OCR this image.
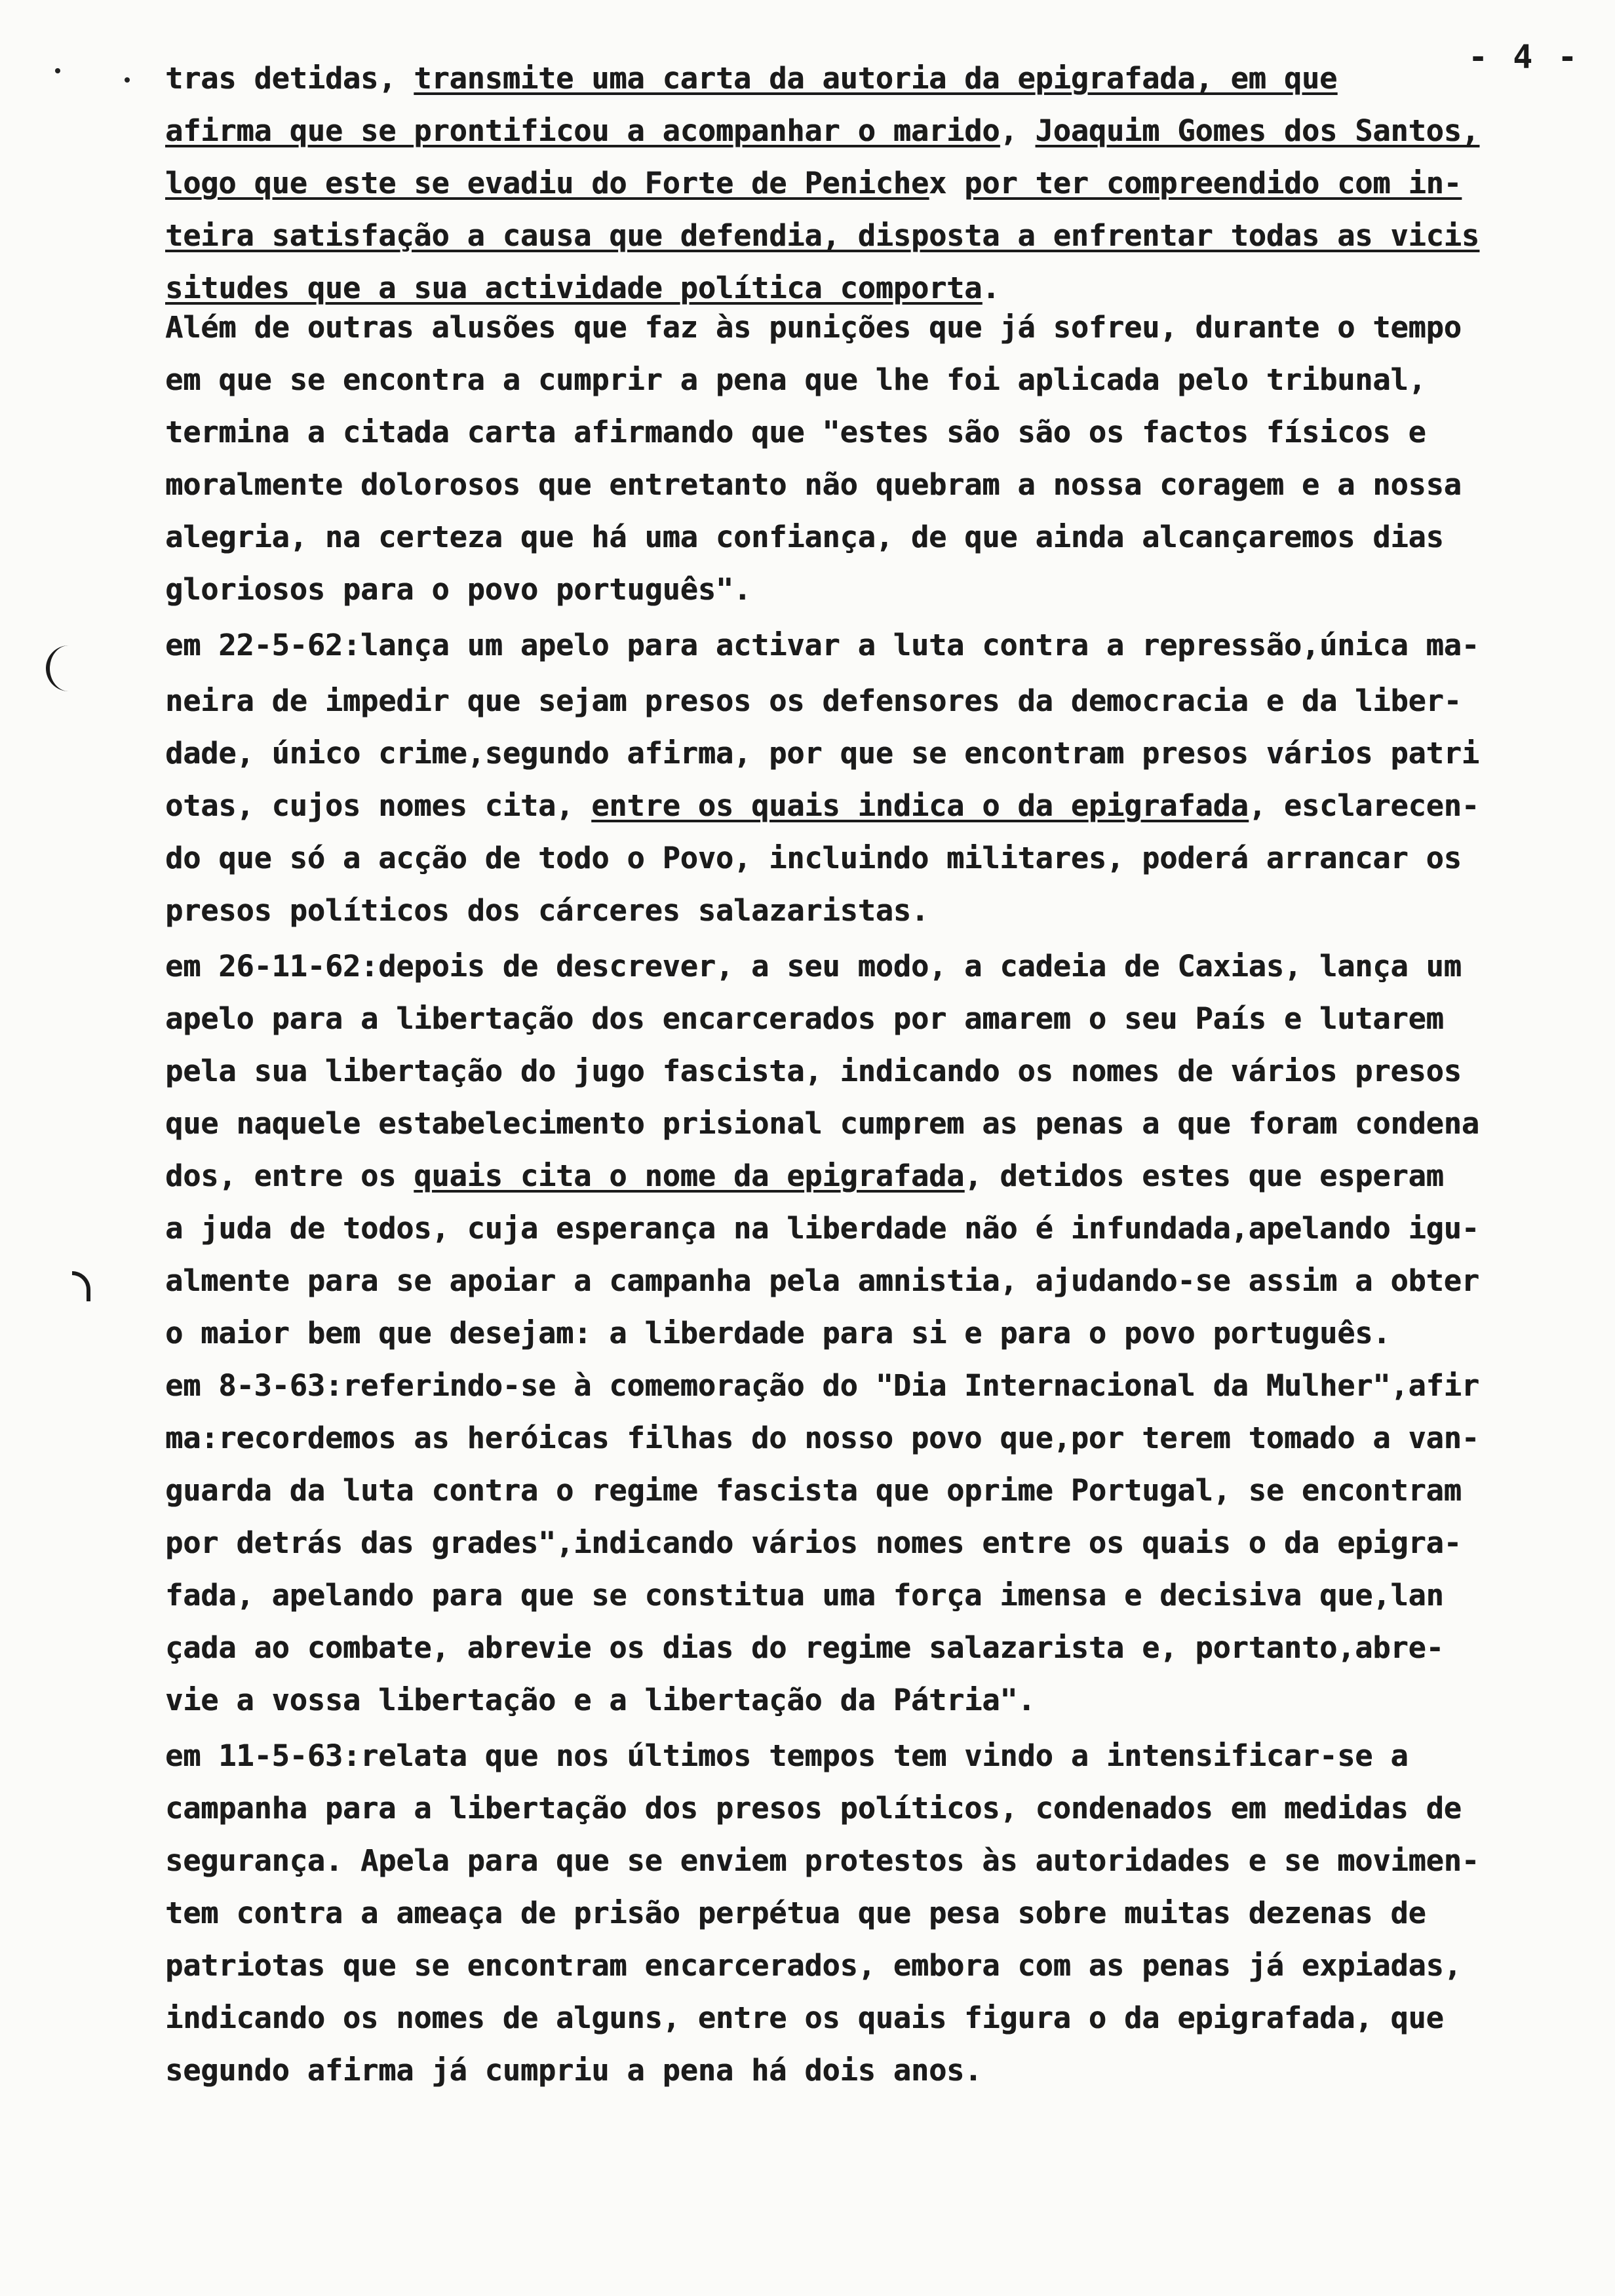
- 4 -
tras detidas, transmite uma carta da autoria da epigrafada, em que
afirma que se prontificou a acompanhar o marido, Joaquim Gomes dos Santos,
logo que este se evadiu do Forte de Penichex por ter compreendido com in-
teira satisfação a causa que defendia, disposta a enfrentar todas as vicis
situdes que a sua actividade política comporta.
Além de outras alusões que faz às punições que já sofreu, durante o tempo
em que se encontra a cumprir a pena que lhe foi aplicada pelo tribunal,
termina a citada carta afirmando que "estes são são os factos físicos e
moralmente dolorosos que entretanto não quebram a nossa coragem e a nossa
alegria, na certeza que há uma confiança, de que ainda alcançaremos dias
gloriosos para o povo português".
em 22-5-62:lança um apelo para activar a luta contra a repressão,única ma-
neira de impedir que sejam presos os defensores da democracia e da liber-
dade, único crime,segundo afirma, por que se encontram presos vários patri
otas, cujos nomes cita, entre os quais indica o da epigrafada, esclarecen-
do que só a acção de todo o Povo, incluindo militares, poderá arrancar os
presos políticos dos cárceres salazaristas.
em 26-11-62:depois de descrever, a seu modo, a cadeia de Caxias, lança um
apelo para a libertação dos encarcerados por amarem o seu País e lutarem
pela sua libertação do jugo fascista, indicando os nomes de vários presos
que naquele estabelecimento prisional cumprem as penas a que foram condena
dos, entre os quais cita o nome da epigrafada, detidos estes que esperam
a juda de todos, cuja esperança na liberdade não é infundada,apelando igu-
almente para se apoiar a campanha pela amnistia, ajudando-se assim a obter
o maior bem que desejam: a liberdade para si e para o povo português.
em 8-3-63:referindo-se à comemoração do "Dia Internacional da Mulher",afir
ma:recordemos as heróicas filhas do nosso povo que,por terem tomado a van-
guarda da luta contra o regime fascista que oprime Portugal, se encontram
por detrás das grades",indicando vários nomes entre os quais o da epigra-
fada, apelando para que se constitua uma força imensa e decisiva que,lan
çada ao combate, abrevie os dias do regime salazarista e, portanto,abre-
vie a vossa libertação e a libertação da Pátria".
em 11-5-63:relata que nos últimos tempos tem vindo a intensificar-se a
campanha para a libertação dos presos políticos, condenados em medidas de
segurança. Apela para que se enviem protestos às autoridades e se movimen-
tem contra a ameaça de prisão perpétua que pesa sobre muitas dezenas de
patriotas que se encontram encarcerados, embora com as penas já expiadas,
indicando os nomes de alguns, entre os quais figura o da epigrafada, que
segundo afirma já cumpriu a pena há dois anos.
